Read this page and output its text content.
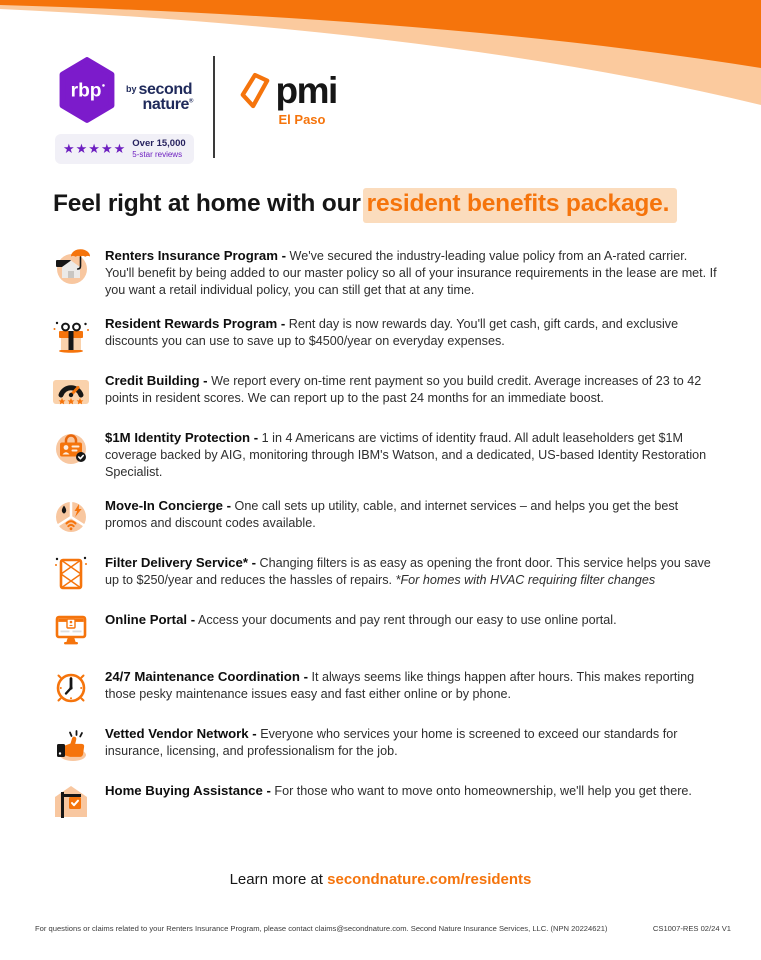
rbp	by second
nature®
★★★★★ Over 15,000
5-star reviews
pmi
El Paso
Feel right at home with our resident benefits package.
Renters Insurance Program - We've secured the industry-leading value policy from an A-rated carrier. You'll benefit by being added to our master policy so all of your insurance requirements in the lease are met. If you want a retail individual policy, you can still get that at any time.
Resident Rewards Program - Rent day is now rewards day. You'll get cash, gift cards, and exclusive discounts you can use to save up to $4500/year on everyday expenses.
Credit Building - We report every on-time rent payment so you build credit. Average increases of 23 to 42 points in resident scores. We can report up to the past 24 months for an immediate boost.
$1M Identity Protection - 1 in 4 Americans are victims of identity fraud. All adult leaseholders get $1M coverage backed by AIG, monitoring through IBM's Watson, and a dedicated, US-based Identity Restoration Specialist.
Move-In Concierge - One call sets up utility, cable, and internet services – and helps you get the best promos and discount codes available.
Filter Delivery Service* - Changing filters is as easy as opening the front door. This service helps you save up to $250/year and reduces the hassles of repairs. *For homes with HVAC requiring filter changes
Online Portal - Access your documents and pay rent through our easy to use online portal.
24/7 Maintenance Coordination - It always seems like things happen after hours. This makes reporting those pesky maintenance issues easy and fast either online or by phone.
Vetted Vendor Network - Everyone who services your home is screened to exceed our standards for insurance, licensing, and professionalism for the job.
Home Buying Assistance - For those who want to move onto homeownership, we'll help you get there.
Learn more at secondnature.com/residents
For questions or claims related to your Renters Insurance Program, please contact claims@secondnature.com. Second Nature Insurance Services, LLC. (NPN 20224621)	CS1007-RES 02/24 V1
